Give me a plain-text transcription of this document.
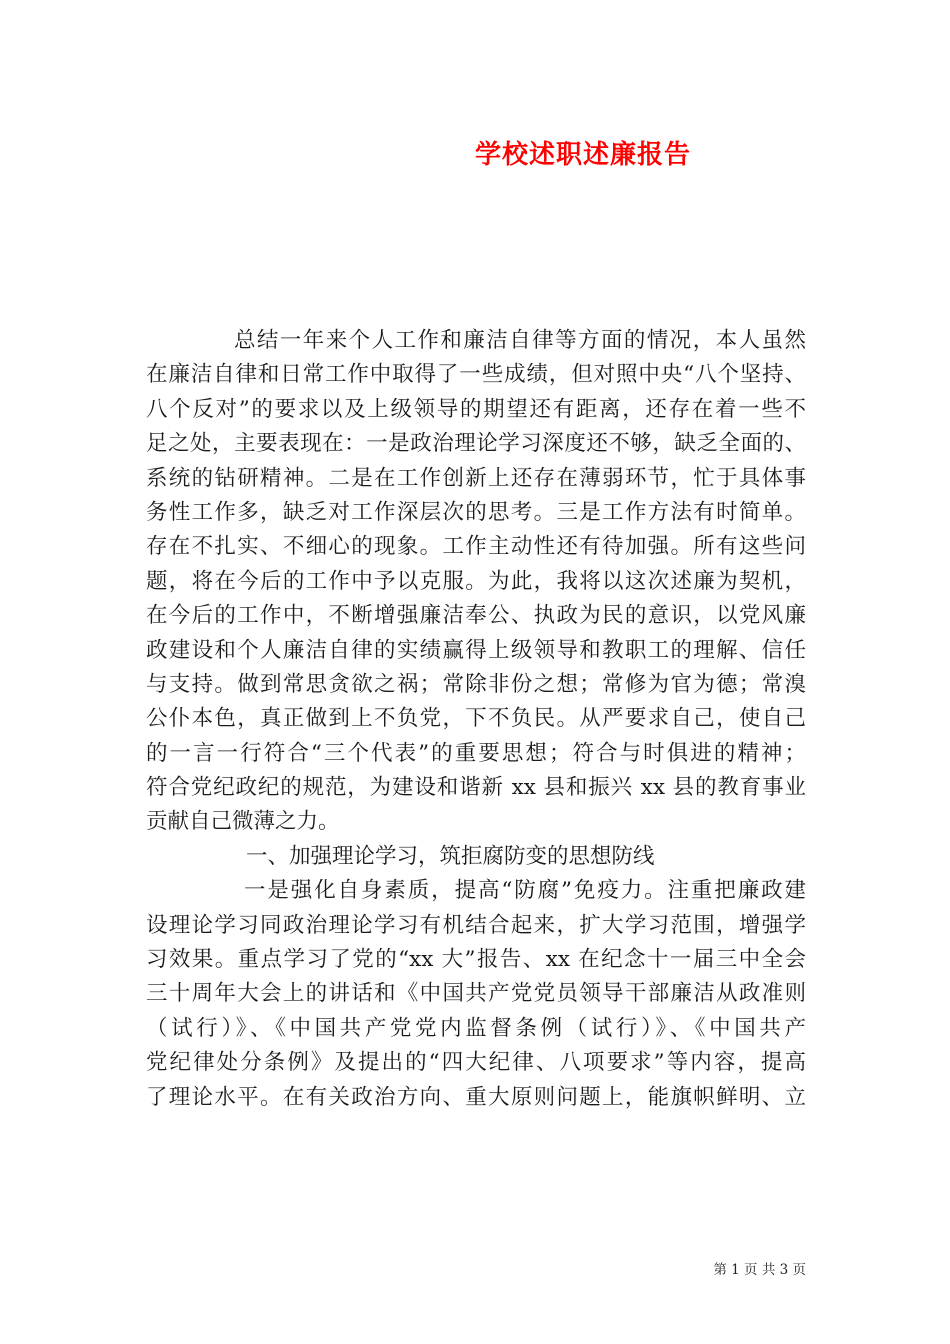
学校述职述廉报告
总结一年来个人工作和廉洁自律等方面的情况，本人虽然
在廉洁自律和日常工作中取得了一些成绩，但对照中央“八个坚持、
八个反对”的要求以及上级领导的期望还有距离，还存在着一些不
足之处，主要表现在：一是政治理论学习深度还不够，缺乏全面的、
系统的钻研精神。二是在工作创新上还存在薄弱环节，忙于具体事
务性工作多，缺乏对工作深层次的思考。三是工作方法有时简单。
存在不扎实、不细心的现象。工作主动性还有待加强。所有这些问
题，将在今后的工作中予以克服。为此，我将以这次述廉为契机，
在今后的工作中，不断增强廉洁奉公、执政为民的意识，以党风廉
政建设和个人廉洁自律的实绩赢得上级领导和教职工的理解、信任
与支持。做到常思贪欲之祸；常除非份之想；常修为官为德；常溴
公仆本色，真正做到上不负党，下不负民。从严要求自己，使自己
的一言一行符合“三个代表”的重要思想；符合与时俱进的精神；
符合党纪政纪的规范，为建设和谐新 xx 县和振兴 xx 县的教育事业
贡献自己微薄之力。
一、加强理论学习，筑拒腐防变的思想防线
一是强化自身素质，提高“防腐”免疫力。注重把廉政建
设理论学习同政治理论学习有机结合起来，扩大学习范围，增强学
习效果。重点学习了党的“xx 大”报告、xx 在纪念十一届三中全会
三十周年大会上的讲话和《中国共产党党员领导干部廉洁从政准则
（试行）》、《中国共产党党内监督条例（试行）》、《中国共产
党纪律处分条例》及提出的“四大纪律、八项要求”等内容，提高
了理论水平。在有关政治方向、重大原则问题上，能旗帜鲜明、立
第 1 页 共 3 页
